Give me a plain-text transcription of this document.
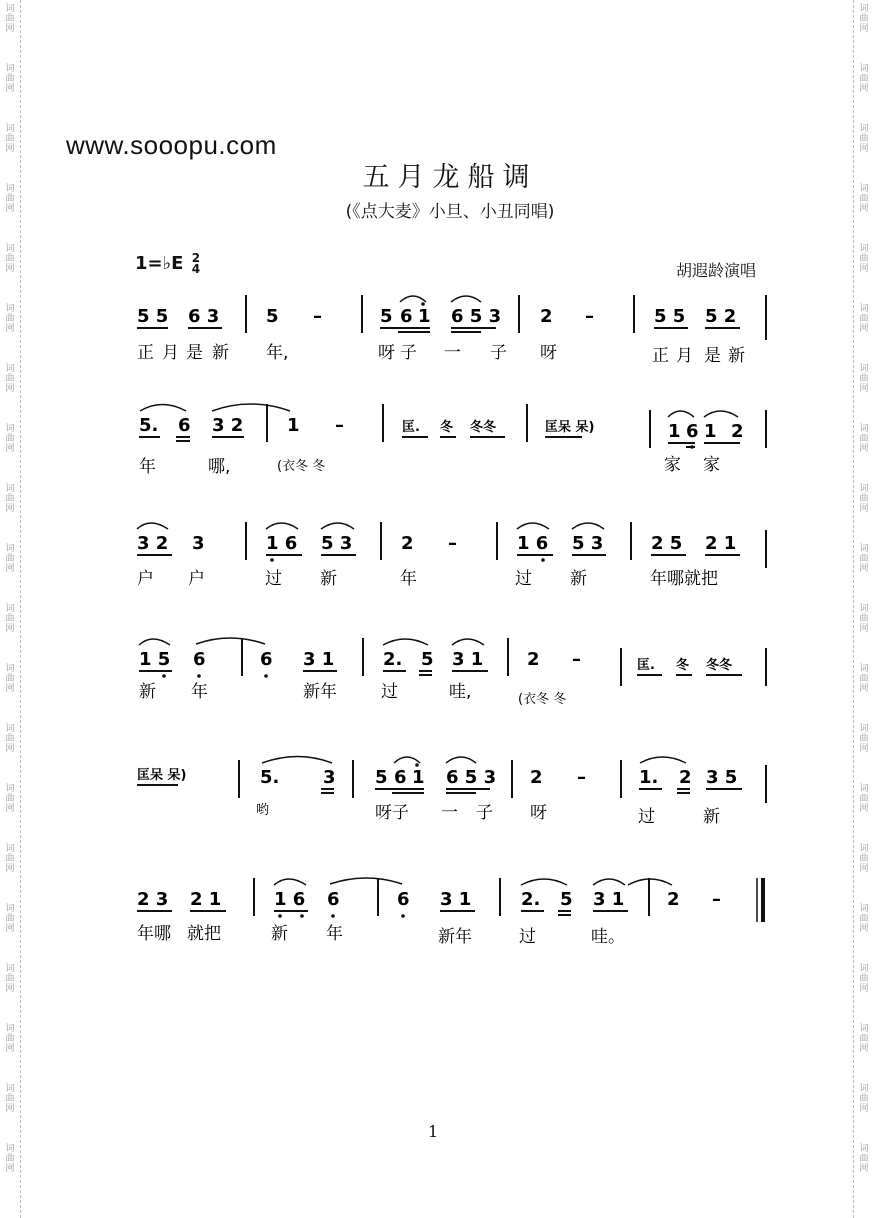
词
曲
网
词
曲
网
词
曲
网
词
曲
网
词
曲
网
词
曲
网
词
曲
网
词
曲
网
词
曲
网
词
曲
网
词
曲
网
词
曲
网
词
曲
网
词
曲
网
词
曲
网
词
曲
网
词
曲
网
词
曲
网
词
曲
网
词
曲
网
词
曲
网
词
曲
网
词
曲
网
词
曲
网
词
曲
网
词
曲
网
词
曲
网
词
曲
网
词
曲
网
词
曲
网
词
曲
网
词
曲
网
词
曲
网
词
曲
网
词
曲
网
词
曲
网
词
曲
网
词
曲
网
词
曲
网
词
曲
网
www.sooopu.com
五月龙船调
(《点大麦》小旦、小丑同唱)
1=♭E 2
4	胡遐龄演唱
5 5 6 3	5 –	5 6 1 6 5 3 2 –	5 5 5 2
正 月 是 新 年,	呀 子 一 子 呀	正 月 是 新
5. 6 3 2 1 –	匡. 冬 冬冬	匡呆 呆)	1 6 1 2
年	哪,	(衣冬 冬	家 家
3 2 3	1 6 5 3	2 –	1 6 5 3	2 5 2 1
户 户	过 新	年	过 新	年哪就把
1 5 6	6 3 1	2. 5 3 1 2 –	匡. 冬 冬冬
新 年	新年	过	哇,	(衣冬 冬
匡呆 呆)	5. 3 5 6 1 6 5 3 2 –	1. 2 3 5
哟	呀子 一 子 呀	过	新
2 3 2 1	1 6 6	6 3 1	2. 5 3 1 2 –
年哪 就把	新 年	新年	过	哇。
1
